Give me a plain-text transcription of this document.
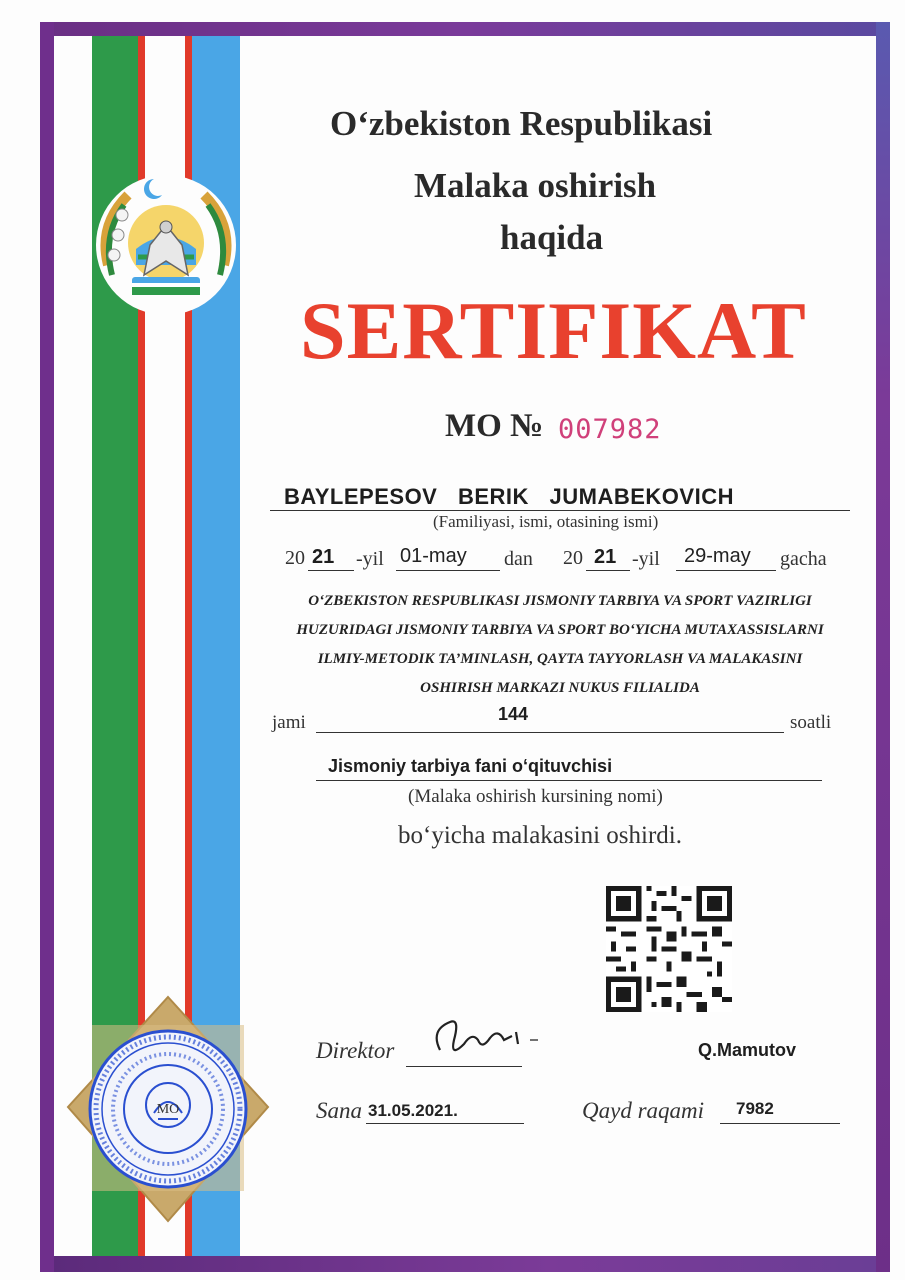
O‘zbekiston Respublikasi
Malaka oshirish
haqida
SERTIFIKAT
MO № 007982
BAYLEPESOV BERIK JUMABEKOVICH
(Familiyasi, ismi, otasining ismi)
20 21 -yil 01-may dan 20 21 -yil 29-may gacha
O‘ZBEKISTON RESPUBLIKASI JISMONIY TARBIYA VA SPORT VAZIRLIGI
HUZURIDAGI JISMONIY TARBIYA VA SPORT BO‘YICHA MUTAXASSISLARNI
ILMIY-METODIK TA’MINLASH, QAYTA TAYYORLASH VA MALAKASINI
OSHIRISH MARKAZI NUKUS FILIALIDA
jami	144	soatli
Jismoniy tarbiya fani o‘qituvchisi
(Malaka oshirish kursining nomi)
bo‘yicha malakasini oshirdi.
Direktor	Q.Mamutov
Sana 31.05.2021.	Qayd raqami 7982
MO
